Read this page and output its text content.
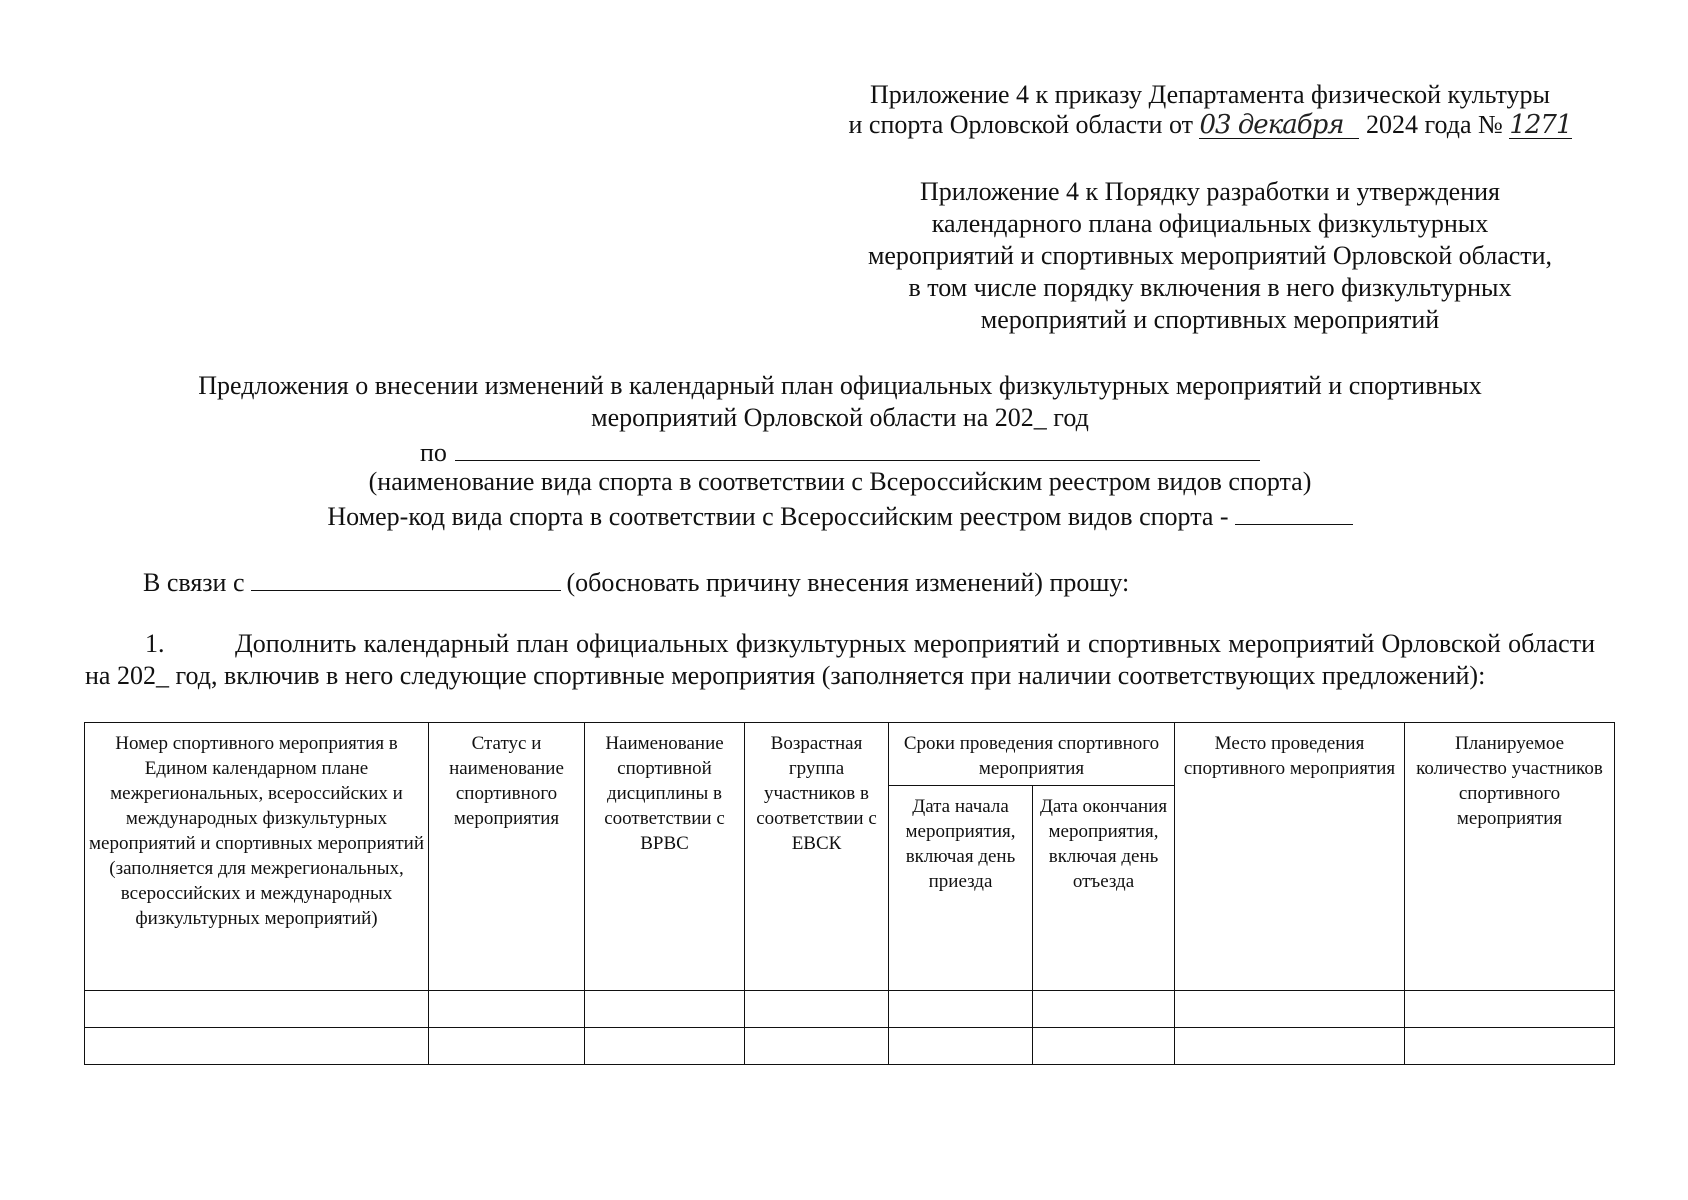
Приложение 4 к приказу Департамента физической культуры
и спорта Орловской области от 03 декабря 2024 года № 1271
Приложение 4 к Порядку разработки и утверждения
календарного плана официальных физкультурных
мероприятий и спортивных мероприятий Орловской области,
в том числе порядку включения в него физкультурных
мероприятий и спортивных мероприятий
Предложения о внесении изменений в календарный план официальных физкультурных мероприятий и спортивных
мероприятий Орловской области на 202_ год
по
(наименование вида спорта в соответствии с Всероссийским реестром видов спорта)
Номер-код вида спорта в соответствии с Всероссийским реестром видов спорта -
В связи с	(обосновать причину внесения изменений) прошу:
1.	Дополнить календарный план официальных физкультурных мероприятий и спортивных мероприятий Орловской области на 202_ год, включив в него следующие спортивные мероприятия (заполняется при наличии соответствующих предложений):
Номер спортивного мероприятия в Едином календарном плане межрегиональных, всероссийских и международных физкультурных мероприятий и спортивных мероприятий (заполняется для межрегиональных, всероссийских и международных физкультурных мероприятий)	Статус и наименование спортивного мероприятия	Наименование спортивной дисциплины в соответствии с ВРВС	Возрастная группа участников в соответствии с ЕВСК	Сроки проведения спортивного мероприятия		Место проведения спортивного мероприятия	Планируемое количество участников спортивного мероприятия
				Дата начала мероприятия, включая день приезда	Дата окончания мероприятия, включая день отъезда		
